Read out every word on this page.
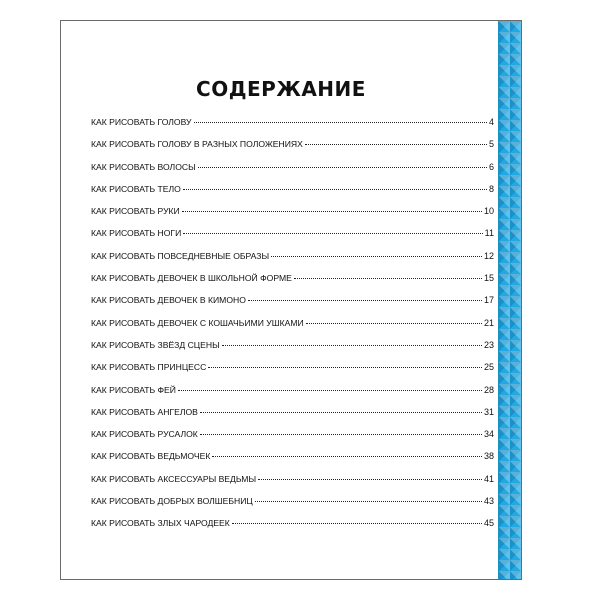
СОДЕРЖАНИЕ
КАК РИСОВАТЬ ГОЛОВУ	4
КАК РИСОВАТЬ ГОЛОВУ В РАЗНЫХ ПОЛОЖЕНИЯХ	5
КАК РИСОВАТЬ ВОЛОСЫ	6
КАК РИСОВАТЬ ТЕЛО	8
КАК РИСОВАТЬ РУКИ	10
КАК РИСОВАТЬ НОГИ	11
КАК РИСОВАТЬ ПОВСЕДНЕВНЫЕ ОБРАЗЫ	12
КАК РИСОВАТЬ ДЕВОЧЕК В ШКОЛЬНОЙ ФОРМЕ	15
КАК РИСОВАТЬ ДЕВОЧЕК В КИМОНО	17
КАК РИСОВАТЬ ДЕВОЧЕК С КОШАЧЬИМИ УШКАМИ	21
КАК РИСОВАТЬ ЗВЁЗД СЦЕНЫ	23
КАК РИСОВАТЬ ПРИНЦЕСС	25
КАК РИСОВАТЬ ФЕЙ	28
КАК РИСОВАТЬ АНГЕЛОВ	31
КАК РИСОВАТЬ РУСАЛОК	34
КАК РИСОВАТЬ ВЕДЬМОЧЕК	38
КАК РИСОВАТЬ АКСЕССУАРЫ ВЕДЬМЫ	41
КАК РИСОВАТЬ ДОБРЫХ ВОЛШЕБНИЦ	43
КАК РИСОВАТЬ ЗЛЫХ ЧАРОДЕЕК	45
